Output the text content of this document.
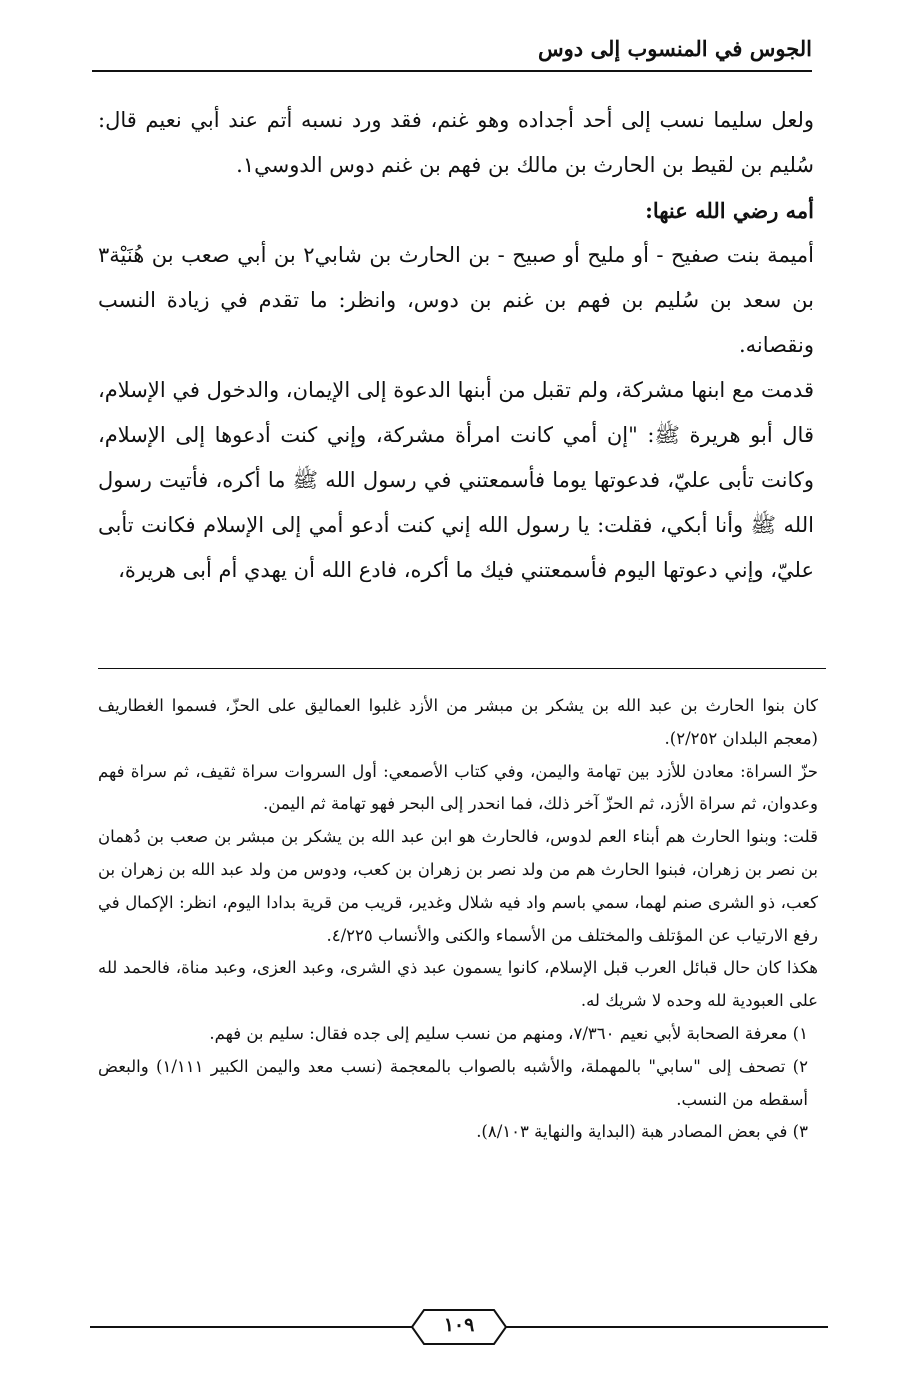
الجوس في المنسوب إلى دوس

ولعل سليما نسب إلى أحد أجداده وهو غنم، فقد ورد نسبه أتم عند أبي نعيم قال: سُليم بن لقيط بن الحارث بن مالك بن فهم بن غنم دوس الدوسي١.

أمه رضي الله عنها:

أميمة بنت صفيح - أو مليح أو صبيح - بن الحارث بن شابي٢ بن أبي صعب بن هُنَيْة٣ بن سعد بن سُليم بن فهم بن غنم بن دوس، وانظر: ما تقدم في زيادة النسب ونقصانه.

قدمت مع ابنها مشركة، ولم تقبل من أبنها الدعوة إلى الإيمان، والدخول في الإسلام، قال أبو هريرة ﷺ: "إن أمي كانت امرأة مشركة، وإني كنت أدعوها إلى الإسلام، وكانت تأبى عليّ، فدعوتها يوما فأسمعتني في رسول الله ﷺ ما أكره، فأتيت رسول الله ﷺ وأنا أبكي، فقلت: يا رسول الله إني كنت أدعو أمي إلى الإسلام فكانت تأبى عليّ، وإني دعوتها اليوم فأسمعتني فيك ما أكره، فادع الله أن يهدي أم أبى هريرة،

كان بنوا الحارث بن عبد الله بن يشكر بن مبشر من الأزد غلبوا العماليق على الحزّ، فسموا الغطاريف (معجم البلدان ٢/٢٥٢).

حزّ السراة: معادن للأزد بين تهامة واليمن، وفي كتاب الأصمعي: أول السروات سراة ثقيف، ثم سراة فهم وعدوان، ثم سراة الأزد، ثم الحزّ آخر ذلك، فما انحدر إلى البحر فهو تهامة ثم اليمن.

قلت: وبنوا الحارث هم أبناء العم لدوس، فالحارث هو ابن عبد الله بن يشكر بن مبشر بن صعب بن دُهمان بن نصر بن زهران، فبنوا الحارث هم من ولد نصر بن زهران بن كعب، ودوس من ولد عبد الله بن زهران بن كعب، ذو الشرى صنم لهما، سمي باسم واد فيه شلال وغدير، قريب من قرية بدادا اليوم، انظر: الإكمال في رفع الارتياب عن المؤتلف والمختلف من الأسماء والكنى والأنساب ٤/٢٢٥.

هكذا كان حال قبائل العرب قبل الإسلام، كانوا يسمون عبد ذي الشرى، وعبد العزى، وعبد مناة، فالحمد لله على العبودية لله وحده لا شريك له.

١) معرفة الصحابة لأبي نعيم ٧/٣٦٠، ومنهم من نسب سليم إلى جده فقال: سليم بن فهم.

٢) تصحف إلى "سابي" بالمهملة، والأشبه بالصواب بالمعجمة (نسب معد واليمن الكبير ١/١١١) والبعض أسقطه من النسب.

٣) في بعض المصادر هبة (البداية والنهاية ٨/١٠٣).

١٠٩
